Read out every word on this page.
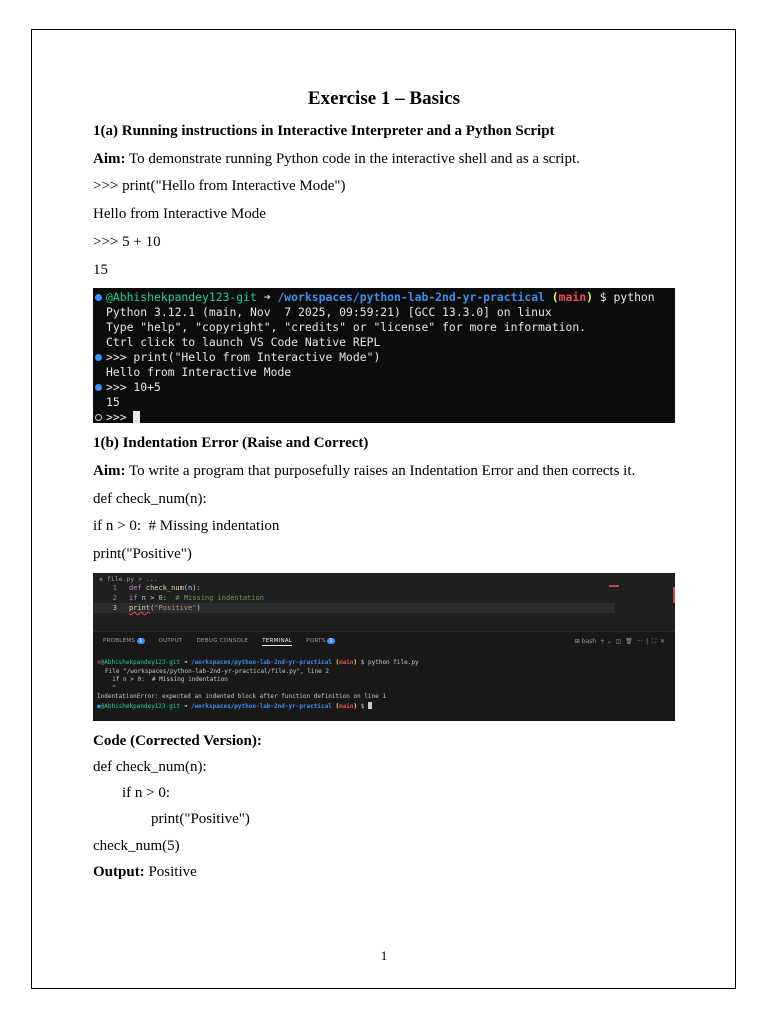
Exercise 1 – Basics

1(a) Running instructions in Interactive Interpreter and a Python Script
Aim: To demonstrate running Python code in the interactive shell and as a script.
>>> print("Hello from Interactive Mode")
Hello from Interactive Mode
>>> 5 + 10
15
1(b) Indentation Error (Raise and Correct)
Aim: To write a program that purposefully raises an Indentation Error and then corrects it.
def check_num(n):
if n > 0:  # Missing indentation
print("Positive")
Code (Corrected Version):
def check_num(n):
if n > 0:
print("Positive")
check_num(5)
Output: Positive
@Abhishekpandey123-git ➜ /workspaces/python-lab-2nd-yr-practical (main) $ python
Python 3.12.1 (main, Nov  7 2025, 09:59:21) [GCC 13.3.0] on linux
Type "help", "copyright", "credits" or "license" for more information.
Ctrl click to launch VS Code Native REPL
>>> print("Hello from Interactive Mode")
Hello from Interactive Mode
>>> 10+5
15
>>>
❖ file.py > ...
1 def check_num(n):
2 if n > 0:  # Missing indentation
3 print("Positive")
PROBLEMS 1	OUTPUT	DEBUG CONSOLE	TERMINAL	PORTS 1	⊞ bash + ⌄  ◫  🗑  ···  |  ⛶  ✕
⊗@Abhishekpandey123-git ➜ /workspaces/python-lab-2nd-yr-practical (main) $ python file.py
File "/workspaces/python-lab-2nd-yr-practical/file.py", line 2
if n > 0:  # Missing indentation
^
IndentationError: expected an indented block after function definition on line 1
●@Abhishekpandey123-git ➜ /workspaces/python-lab-2nd-yr-practical (main) $
1
